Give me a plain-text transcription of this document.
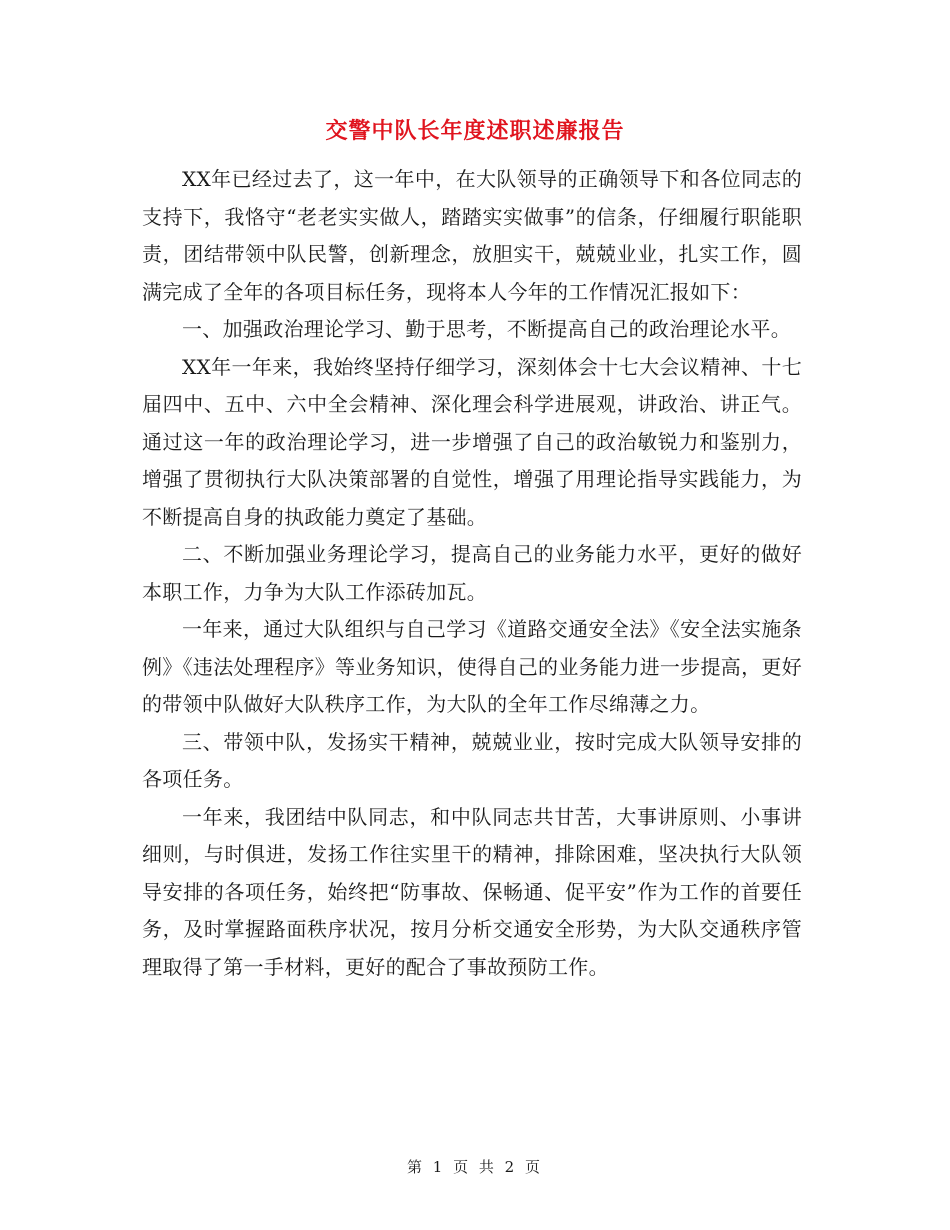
交警中队长年度述职述廉报告

XX年已经过去了，这一年中，在大队领导的正确领导下和各位同志的支持下，我恪守“老老实实做人，踏踏实实做事”的信条，仔细履行职能职责，团结带领中队民警，创新理念，放胆实干，兢兢业业，扎实工作，圆满完成了全年的各项目标任务，现将本人今年的工作情况汇报如下：

一、加强政治理论学习、勤于思考，不断提高自己的政治理论水平。

XX年一年来，我始终坚持仔细学习，深刻体会十七大会议精神、十七届四中、五中、六中全会精神、深化理会科学进展观，讲政治、讲正气。通过这一年的政治理论学习，进一步增强了自己的政治敏锐力和鉴别力，增强了贯彻执行大队决策部署的自觉性，增强了用理论指导实践能力，为不断提高自身的执政能力奠定了基础。

二、不断加强业务理论学习，提高自己的业务能力水平，更好的做好本职工作，力争为大队工作添砖加瓦。

一年来，通过大队组织与自己学习《道路交通安全法》《安全法实施条例》《违法处理程序》等业务知识，使得自己的业务能力进一步提高，更好的带领中队做好大队秩序工作，为大队的全年工作尽绵薄之力。

三、带领中队，发扬实干精神，兢兢业业，按时完成大队领导安排的各项任务。

一年来，我团结中队同志，和中队同志共甘苦，大事讲原则、小事讲细则，与时俱进，发扬工作往实里干的精神，排除困难，坚决执行大队领导安排的各项任务，始终把“防事故、保畅通、促平安”作为工作的首要任务，及时掌握路面秩序状况，按月分析交通安全形势，为大队交通秩序管理取得了第一手材料，更好的配合了事故预防工作。

第 1 页 共 2 页
